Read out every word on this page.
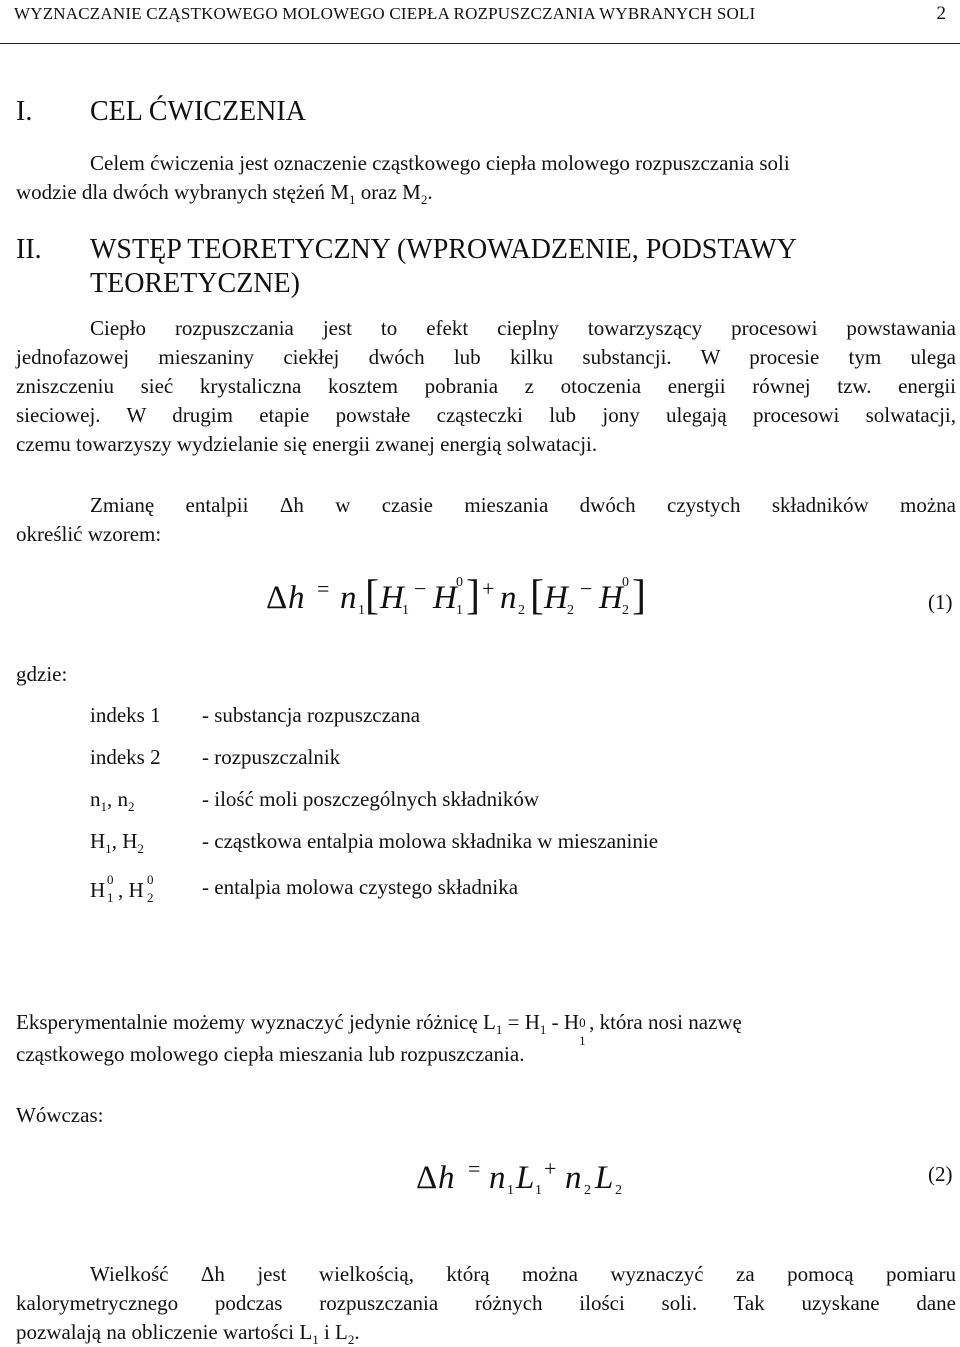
WYZNACZANIE CZĄSTKOWEGO MOLOWEGO CIEPŁA ROZPUSZCZANIA WYBRANYCH SOLI	2
I. CEL ĆWICZENIA
Celem ćwiczenia jest oznaczenie cząstkowego ciepła molowego rozpuszczania soli
wodzie dla dwóch wybranych stężeń $M_1$ oraz $M_2$.
II. WSTĘP TEORETYCZNY (WPROWADZENIE, PODSTAWY
TEORETYCZNE)
Ciepło rozpuszczania jest to efekt cieplny towarzyszący procesowi powstawania
jednofazowej mieszaniny ciekłej dwóch lub kilku substancji. W procesie tym ulega
zniszczeniu sieć krystaliczna kosztem pobrania z otoczenia energii równej tzw. energii
sieciowej. W drugim etapie powstałe cząsteczki lub jony ulegają procesowi solwatacji,
czemu towarzyszy wydzielanie się energii zwanej energią solwatacji.
Zmianę entalpii Δh w czasie mieszania dwóch czystych składników można
określić wzorem:
Δ h = n 1 [ H
1
− H 0
1 ] + n 2 [ H 2
− H 0
2 ]	(1)
gdzie:
indeks 1 - substancja rozpuszczana
indeks 2 - rozpuszczalnik
$n_1$, $n_2$	- ilość moli poszczególnych składników
$H_1$, $H_2$	- cząstkowa entalpia molowa składnika w mieszaninie
H 0
1 , H 0
2 - entalpia molowa czystego składnika
Eksperymentalnie możemy wyznaczyć jedynie różnicę $L_1 = H_1 - H$ 0
1
, która nosi nazwę
cząstkowego molowego ciepła mieszania lub rozpuszczania.
Wówczas:
Δ h = n 1 L 1
+ n 2 L 2
(2)
Wielkość Δh jest wielkością, którą można wyznaczyć za pomocą pomiaru
kalorymetrycznego podczas rozpuszczania różnych ilości soli. Tak uzyskane dane
pozwalają na obliczenie wartości $L_1$ i $L_2$.
